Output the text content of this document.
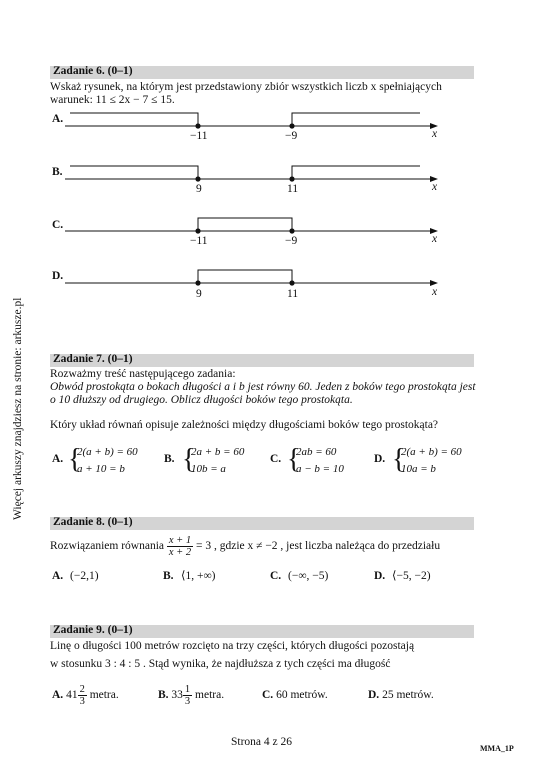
Więcej arkuszy znajdziesz na stronie: arkusze.pl
Zadanie 6. (0–1)
Wskaż rysunek, na którym jest przedstawiony zbiór wszystkich liczb x spełniających
warunek: 11 ≤ 2x − 7 ≤ 15.
A.
−11	−9	x
B.
9	11	x
C.
−11	−9	x
D.
9	11	x
Zadanie 7. (0–1)
Rozważmy treść następującego zadania:
Obwód prostokąta o bokach długości a i b jest równy 60. Jeden z boków tego prostokąta jest
o 10 dłuższy od drugiego. Oblicz długości boków tego prostokąta.
Który układ równań opisuje zależności między długościami boków tego prostokąta?
A. {
2(a + b) = 60
a + 10 = b
B. {
2a + b = 60
10b = a
C. {
2ab = 60
a − b = 10
D. {
2(a + b) = 60
10a = b
Zadanie 8. (0–1)
Rozwiązaniem równania $\frac{x + 1}{x + 2} = 3$ , gdzie x ≠ −2 , jest liczba należąca do przedziału
A. (−2,1)	B. ⟨1, +∞)	C. (−∞, −5)	D. ⟨−5, −2)
Zadanie 9. (0–1)
Linę o długości 100 metrów rozcięto na trzy części, których długości pozostają
w stosunku 3 : 4 : 5 . Stąd wynika, że najdłuższa z tych części ma długość
A. $41 \frac{2}{3}$ metra.	B. $33 \frac{1}{3}$ metra.	C. 60 metrów.	D. 25 metrów.
Strona 4 z 26
MMA_1P
